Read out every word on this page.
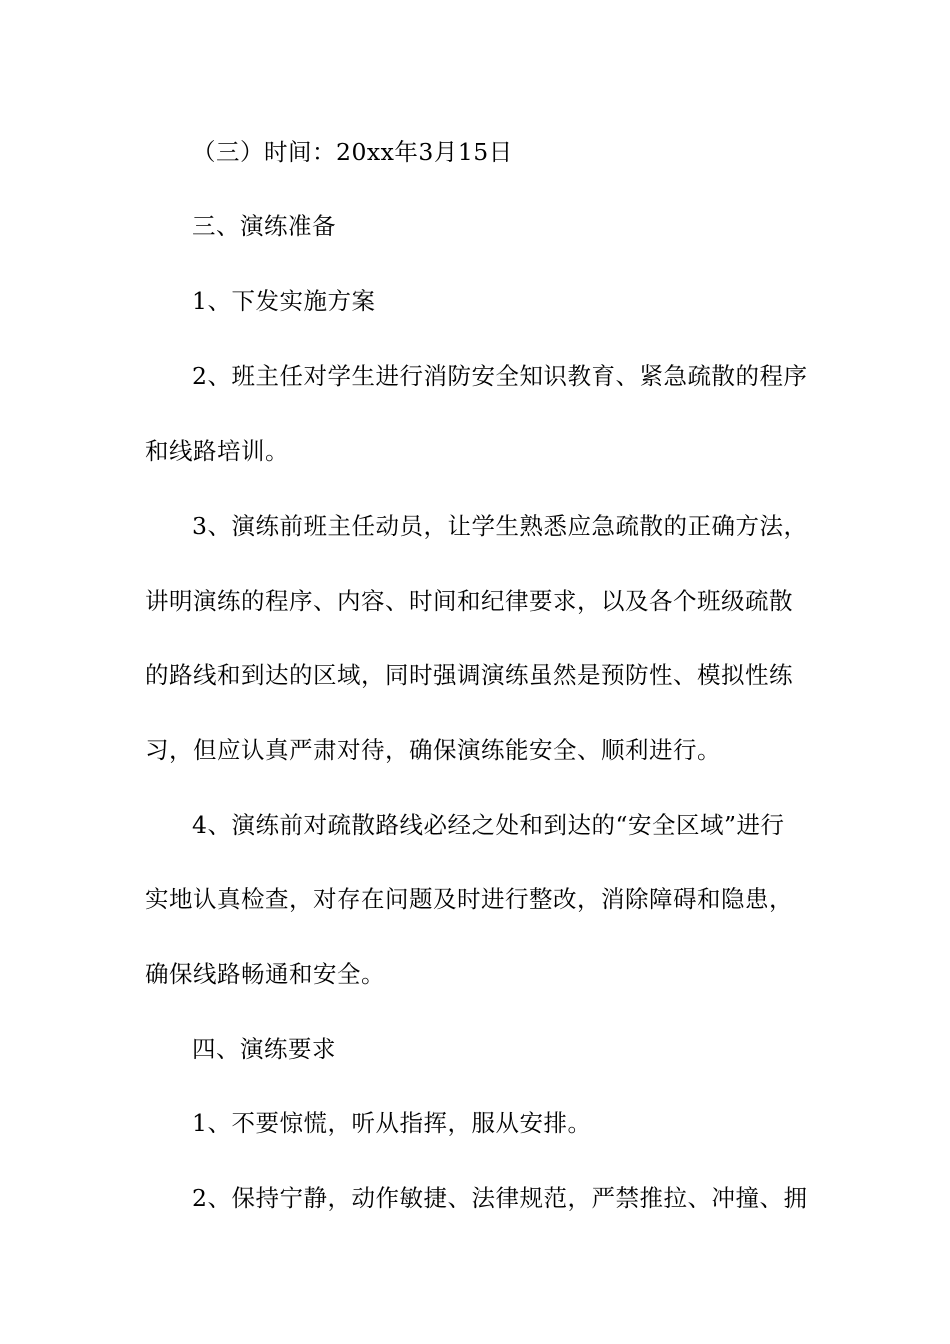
（三）时间：20xx年3月15日
三、演练准备
1、下发实施方案
2、班主任对学生进行消防安全知识教育、紧急疏散的程序
和线路培训。
3、演练前班主任动员，让学生熟悉应急疏散的正确方法，
讲明演练的程序、内容、时间和纪律要求，以及各个班级疏散
的路线和到达的区域，同时强调演练虽然是预防性、模拟性练
习，但应认真严肃对待，确保演练能安全、顺利进行。
4、演练前对疏散路线必经之处和到达的“安全区域”进行
实地认真检查，对存在问题及时进行整改，消除障碍和隐患，
确保线路畅通和安全。
四、演练要求
1、不要惊慌，听从指挥，服从安排。
2、保持宁静，动作敏捷、法律规范，严禁推拉、冲撞、拥
